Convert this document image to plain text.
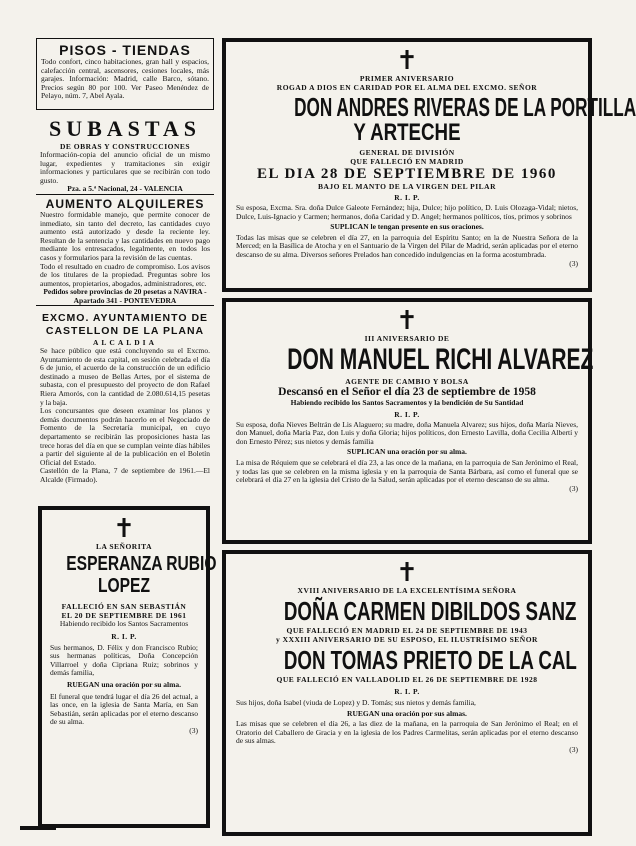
PISOS - TIENDAS

Todo confort, cinco habitaciones, gran hall y espacios, calefacción central, ascensores, cesiones locales, más garajes. Información: Madrid, calle Barco, sótano. Precios según 80 por 100. Ver Paseo Menéndez de Pelayo, núm. 7, Abel Ayala.

SUBASTAS
DE OBRAS Y CONSTRUCCIONES

Información-copia del anuncio oficial de un mismo lugar, expedientes y tramitaciones sin exigir informaciones y particulares que se recibirán con todo gusto.

Pza. a 5.ª Nacional, 24 - VALENCIA
AUMENTO ALQUILERES

Nuestro formidable manejo, que permite conocer de inmediato, sin tanto del decreto, las cantidades cuyo aumento está autorizado y desde la reciente ley. Resultan de la sentencia y las cantidades en nuevo pago mediante los entresacados, legalmente, en todos los casos y formularios para la revisión de las cuentas.

Todo el resultado en cuadro de compromiso. Los avisos de los titulares de la propiedad. Preguntas sobre los aumentos, propietarios, abogados, administradores, etc.

Pedidos sobre provincias de 20 pesetas a NAVIRA - Apartado 341 - PONTEVEDRA
EXCMO. AYUNTAMIENTO DE CASTELLON DE LA PLANA
ALCALDIA

Se hace público que está concluyendo su el Excmo. Ayuntamiento de esta capital, en sesión celebrada el día 6 de junio, el acuerdo de la construcción de un edificio destinado a museo de Bellas Artes, por el sistema de subasta, con el presupuesto del proyecto de don Rafael Riera Amorós, con la cantidad de 2.080.614,15 pesetas y la baja.

Los concursantes que deseen examinar los planos y demás documentos podrán hacerlo en el Negociado de Fomento de la Secretaría municipal, en cuyo departamento se recibirán las proposiciones hasta las trece horas del día en que se cumplan veinte días hábiles a partir del siguiente al de la publicación en el Boletín Oficial del Estado.

Castellón de la Plana, 7 de septiembre de 1961.—El Alcalde (Firmado).

✝
LA SEÑORITA
ESPERANZA RUBIO
LOPEZ
FALLECIÓ EN SAN SEBASTIÁN
EL 20 DE SEPTIEMBRE DE 1961
Habiendo recibido los Santos Sacramentos
R. I. P.

Sus hermanos, D. Félix y don Francisco Rubio; sus hermanas políticas, Doña Concepción Villarroel y doña Cipriana Ruiz; sobrinos y demás familia,

RUEGAN una oración por su alma.

El funeral que tendrá lugar el día 26 del actual, a las once, en la iglesia de Santa María, en San Sebastián, serán aplicadas por el eterno descanso de su alma.

(3)
✝
PRIMER ANIVERSARIO
ROGAD A DIOS EN CARIDAD POR EL ALMA DEL EXCMO. SEÑOR
DON ANDRES RIVERAS DE LA PORTILLA
Y ARTECHE
GENERAL DE DIVISIÓN
QUE FALLECIÓ EN MADRID
EL DIA 28 DE SEPTIEMBRE DE 1960
BAJO EL MANTO DE LA VIRGEN DEL PILAR
R. I. P.

Su esposa, Excma. Sra. doña Dulce Galeote Fernández; hija, Dulce; hijo político, D. Luis Olozaga-Vidal; nietos, Dulce, Luis-Ignacio y Carmen; hermanos, doña Caridad y D. Angel; hermanos políticos, tíos, primos y sobrinos

SUPLICAN le tengan presente en sus oraciones.

Todas las misas que se celebren el día 27, en la parroquia del Espíritu Santo; en la de Nuestra Señora de la Merced; en la Basílica de Atocha y en el Santuario de la Virgen del Pilar de Madrid, serán aplicadas por el eterno descanso de su alma. Diversos señores Prelados han concedido indulgencias en la forma acostumbrada.

(3)
✝
III ANIVERSARIO DE
DON MANUEL RICHI ALVAREZ
AGENTE DE CAMBIO Y BOLSA
Descansó en el Señor el día 23 de septiembre de 1958
Habiendo recibido los Santos Sacramentos y la bendición de Su Santidad
R. I. P.

Su esposa, doña Nieves Beltrán de Lis Alaguero; su madre, doña Manuela Alvarez; sus hijos, doña María Nieves, don Manuel, doña María Paz, don Luis y doña Gloria; hijos políticos, don Ernesto Lavilla, doña Cecilia Albertí y don Ernesto Pérez; sus nietos y demás familia

SUPLICAN una oración por su alma.

La misa de Réquiem que se celebrará el día 23, a las once de la mañana, en la parroquia de San Jerónimo el Real, y todas las que se celebren en la misma iglesia y en la parroquia de Santa Bárbara, así como el funeral que se celebrará el día 27 en la iglesia del Cristo de la Salud, serán aplicadas por el eterno descanso de su alma.

(3)
✝
XVIII ANIVERSARIO DE LA EXCELENTÍSIMA SEÑORA
DOÑA CARMEN DIBILDOS SANZ
QUE FALLECIÓ EN MADRID EL 24 DE SEPTIEMBRE DE 1943
y XXXIII ANIVERSARIO DE SU ESPOSO, EL ILUSTRÍSIMO SEÑOR
DON TOMAS PRIETO DE LA CAL
QUE FALLECIÓ EN VALLADOLID EL 26 DE SEPTIEMBRE DE 1928
R. I. P.

Sus hijos, doña Isabel (viuda de Lopez) y D. Tomás; sus nietos y demás familia,

RUEGAN una oración por sus almas.

Las misas que se celebren el día 26, a las diez de la mañana, en la parroquia de San Jerónimo el Real; en el Oratorio del Caballero de Gracia y en la iglesia de los Padres Carmelitas, serán aplicadas por el eterno descanso de sus almas.

(3)
